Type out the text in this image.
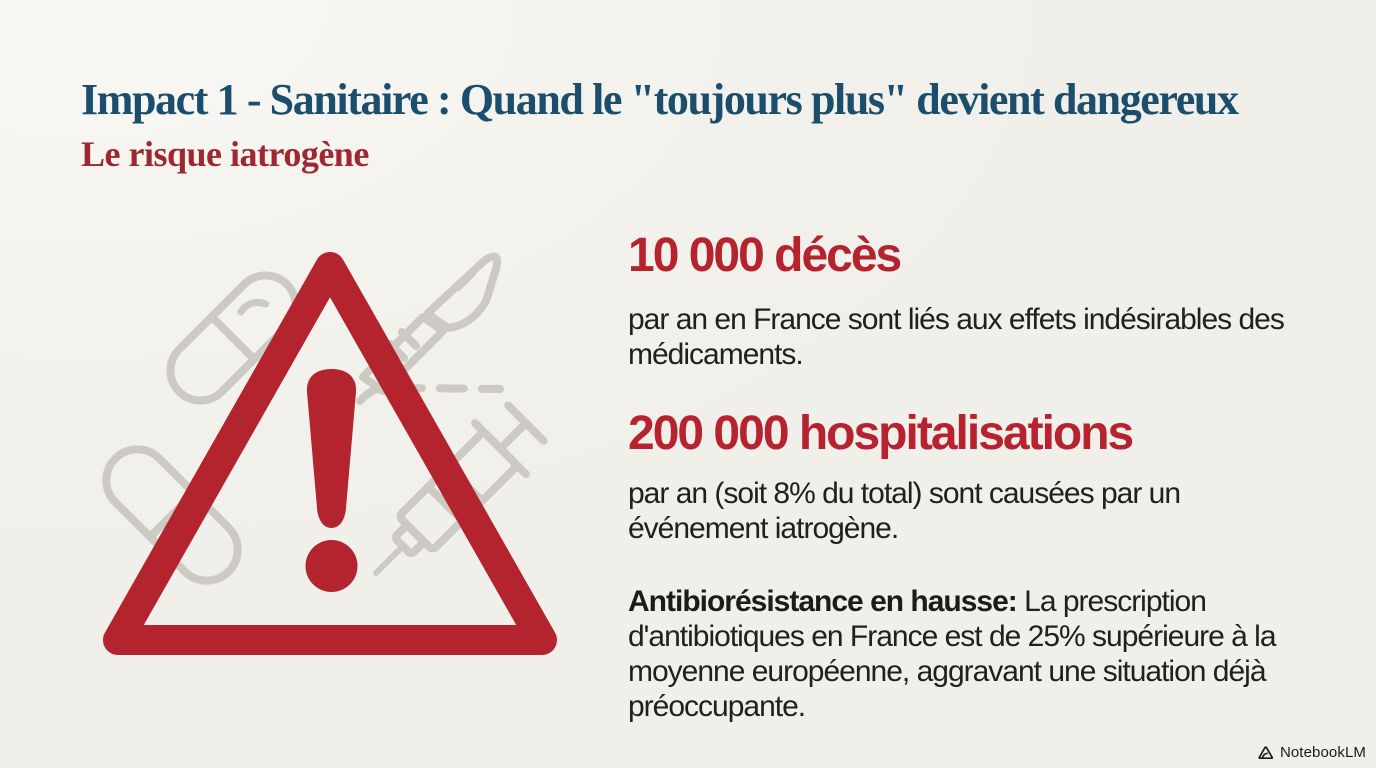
Impact 1 - Sanitaire : Quand le "toujours plus" devient dangereux
Le risque iatrogène
10 000 décès
par an en France sont liés aux effets indésirables des médicaments.
200 000 hospitalisations
par an (soit 8% du total) sont causées par un événement iatrogène.
Antibiorésistance en hausse: La prescription d'antibiotiques en France est de 25% supérieure à la moyenne européenne, aggravant une situation déjà préoccupante.
NotebookLM
